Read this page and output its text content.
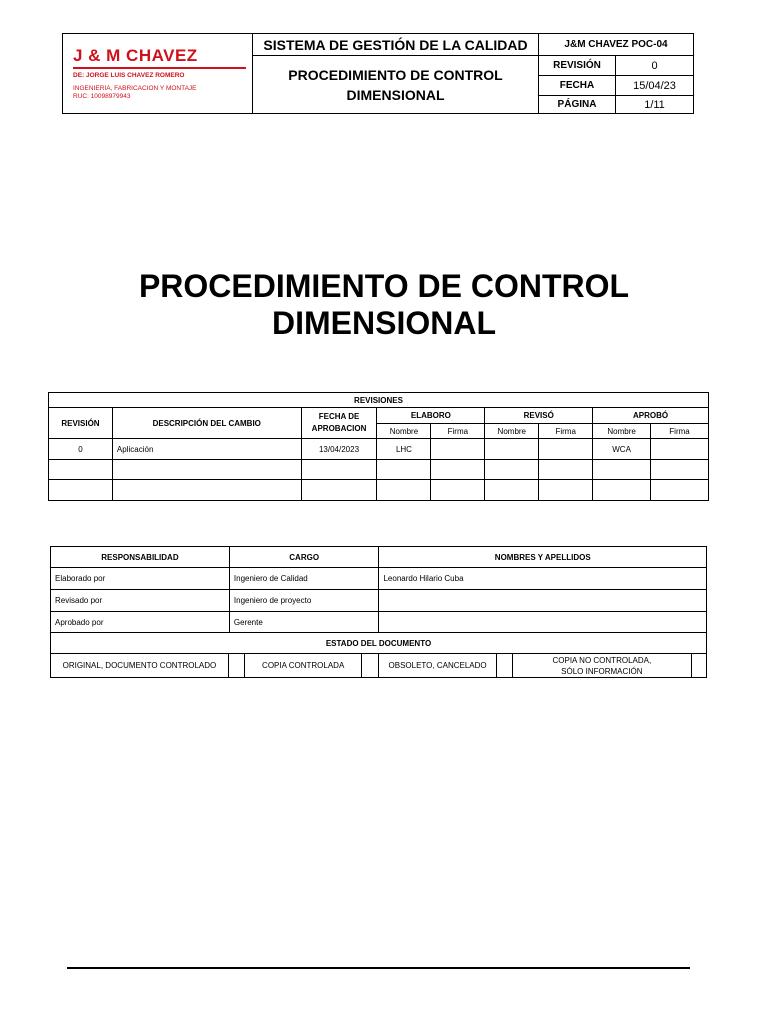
J & M CHAVEZ
DE: JORGE LUIS CHAVEZ ROMERO
INGENIERIA, FABRICACION Y MONTAJE
RUC: 10098979943	SISTEMA DE GESTIÓN DE LA CALIDAD	J&M CHAVEZ POC-04	

	PROCEDIMIENTO DE CONTROL DIMENSIONAL	REVISIÓN	0
		FECHA	15/04/23
		PÁGINA	1/11
PROCEDIMIENTO DE CONTROL
DIMENSIONAL
REVISIONES								
REVISIÓN	DESCRIPCIÓN DEL CAMBIO	FECHA DE APROBACION	ELABORO		REVISÓ		APROBÓ	
			Nombre	Firma	Nombre	Firma	Nombre	Firma
0	Aplicación	13/04/2023	LHC				WCA	

RESPONSABILIDAD	CARGO			NOMBRES Y APELLIDOS			
Elaborado por	Ingeniero de Calidad			Leonardo Hilario Cuba			
Revisado por	Ingeniero de proyecto						
Aprobado por	Gerente						
ESTADO DEL DOCUMENTO							
ORIGINAL, DOCUMENTO CONTROLADO		COPIA CONTROLADA		OBSOLETO, CANCELADO		COPIA NO CONTROLADA,
SÓLO INFORMACIÓN	
